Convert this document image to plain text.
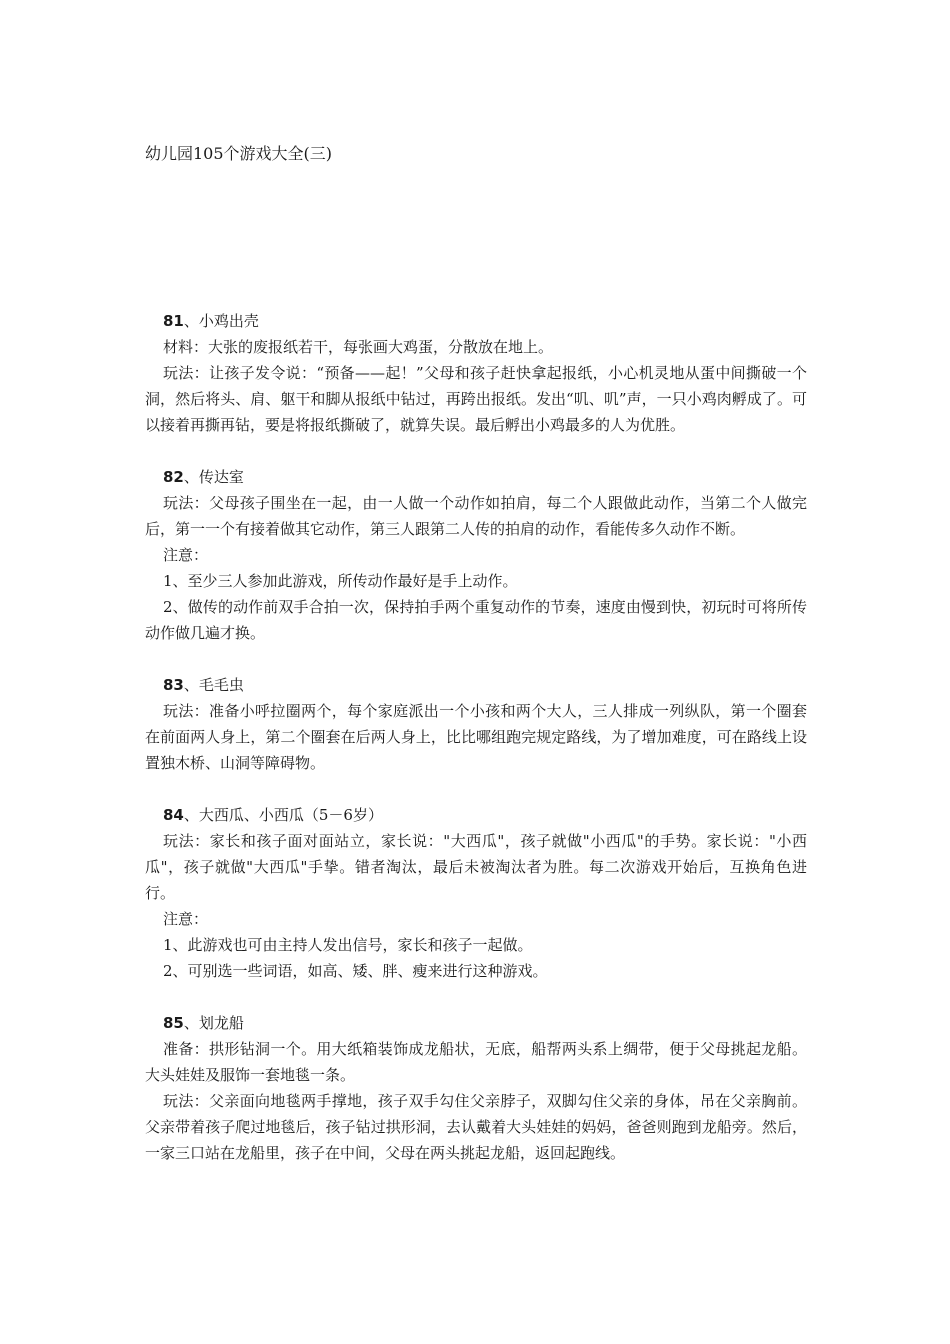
幼儿园105个游戏大全(三)

81、小鸡出壳

材料：大张的废报纸若干，每张画大鸡蛋，分散放在地上。

玩法：让孩子发令说：“预备——起！”父母和孩子赶快拿起报纸，小心机灵地从蛋中间撕破一个洞，然后将头、肩、躯干和脚从报纸中钻过，再跨出报纸。发出“叽、叽”声，一只小鸡肉孵成了。可以接着再撕再钻，要是将报纸撕破了，就算失误。最后孵出小鸡最多的人为优胜。

82、传达室

玩法：父母孩子围坐在一起，由一人做一个动作如拍肩，每二个人跟做此动作，当第二个人做完后，第一一个有接着做其它动作，第三人跟第二人传的拍肩的动作，看能传多久动作不断。

注意：

1、至少三人参加此游戏，所传动作最好是手上动作。

2、做传的动作前双手合拍一次，保持拍手两个重复动作的节奏，速度由慢到快，初玩时可将所传动作做几遍才换。

83、毛毛虫

玩法：准备小呼拉圈两个，每个家庭派出一个小孩和两个大人，三人排成一列纵队，第一个圈套在前面两人身上，第二个圈套在后两人身上，比比哪组跑完规定路线，为了增加难度，可在路线上设置独木桥、山洞等障碍物。

84、大西瓜、小西瓜（5－6岁）

玩法：家长和孩子面对面站立，家长说："大西瓜"，孩子就做"小西瓜"的手势。家长说："小西瓜"，孩子就做"大西瓜"手挚。错者淘汰，最后未被淘汰者为胜。每二次游戏开始后，互换角色进行。

注意：

1、此游戏也可由主持人发出信号，家长和孩子一起做。

2、可别选一些词语，如高、矮、胖、瘦来进行这种游戏。

85、划龙船

准备：拱形钻洞一个。用大纸箱装饰成龙船状，无底，船帮两头系上绸带，便于父母挑起龙船。大头娃娃及服饰一套地毯一条。

玩法：父亲面向地毯两手撑地，孩子双手勾住父亲脖子，双脚勾住父亲的身体，吊在父亲胸前。父亲带着孩子爬过地毯后，孩子钻过拱形洞，去认戴着大头娃娃的妈妈，爸爸则跑到龙船旁。然后，一家三口站在龙船里，孩子在中间，父母在两头挑起龙船，返回起跑线。
